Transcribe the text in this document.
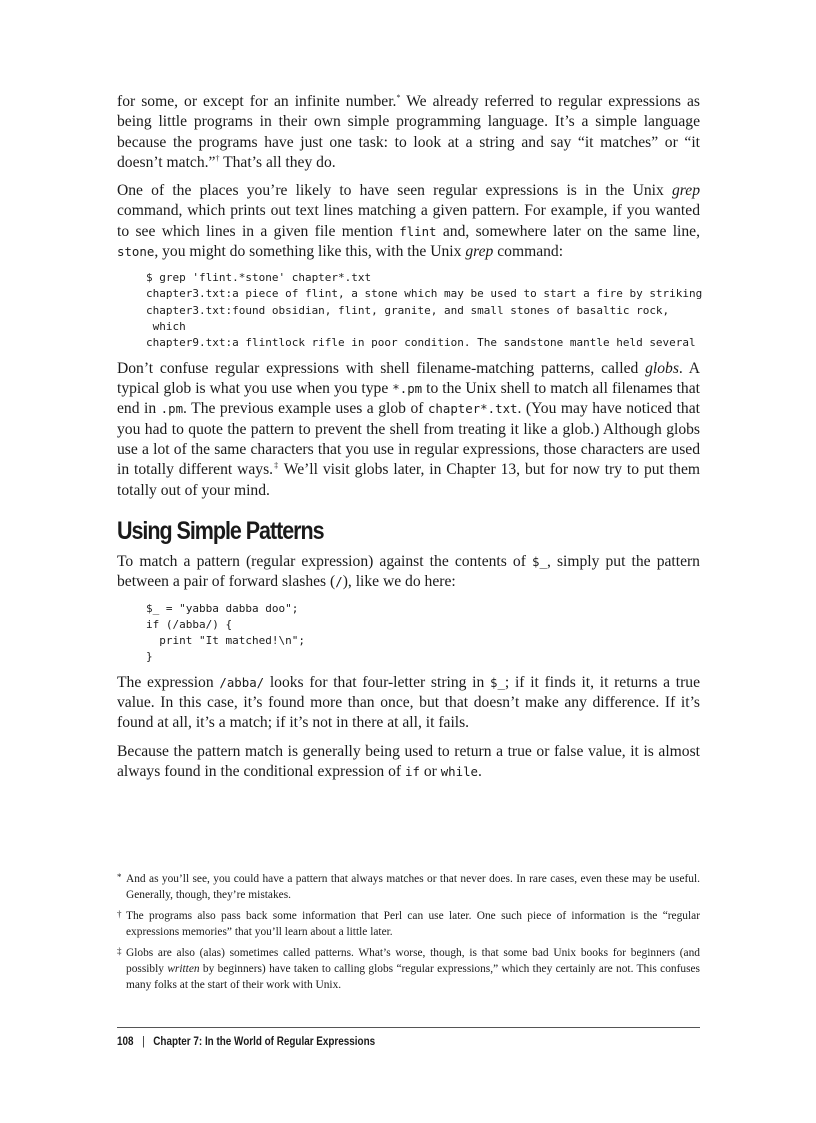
for some, or except for an infinite number.* We already referred to regular expressions as being little programs in their own simple programming language. It’s a simple language because the programs have just one task: to look at a string and say “it matches” or “it doesn’t match.”† That’s all they do.

One of the places you’re likely to have seen regular expressions is in the Unix grep command, which prints out text lines matching a given pattern. For example, if you wanted to see which lines in a given file mention flint and, somewhere later on the same line, stone, you might do something like this, with the Unix grep command:

$ grep 'flint.*stone' chapter*.txt
chapter3.txt:a piece of flint, a stone which may be used to start a fire by striking
chapter3.txt:found obsidian, flint, granite, and small stones of basaltic rock,
which
chapter9.txt:a flintlock rifle in poor condition. The sandstone mantle held several

Don’t confuse regular expressions with shell filename-matching patterns, called globs. A typical glob is what you use when you type *.pm to the Unix shell to match all filenames that end in .pm. The previous example uses a glob of chapter*.txt. (You may have noticed that you had to quote the pattern to prevent the shell from treating it like a glob.) Although globs use a lot of the same characters that you use in regular expressions, those characters are used in totally different ways.‡ We’ll visit globs later, in Chapter 13, but for now try to put them totally out of your mind.

Using Simple Patterns

To match a pattern (regular expression) against the contents of $_, simply put the pattern between a pair of forward slashes (/), like we do here:

$_ = "yabba dabba doo";
if (/abba/) {
print "It matched!\n";
}

The expression /abba/ looks for that four-letter string in $_; if it finds it, it returns a true value. In this case, it’s found more than once, but that doesn’t make any difference. If it’s found at all, it’s a match; if it’s not in there at all, it fails.

Because the pattern match is generally being used to return a true or false value, it is almost always found in the conditional expression of if or while.

* And as you’ll see, you could have a pattern that always matches or that never does. In rare cases, even these may be useful. Generally, though, they’re mistakes.

† The programs also pass back some information that Perl can use later. One such piece of information is the “regular expressions memories” that you’ll learn about a little later.

‡ Globs are also (alas) sometimes called patterns. What’s worse, though, is that some bad Unix books for beginners (and possibly written by beginners) have taken to calling globs “regular expressions,” which they certainly are not. This confuses many folks at the start of their work with Unix.

108 | Chapter 7: In the World of Regular Expressions
